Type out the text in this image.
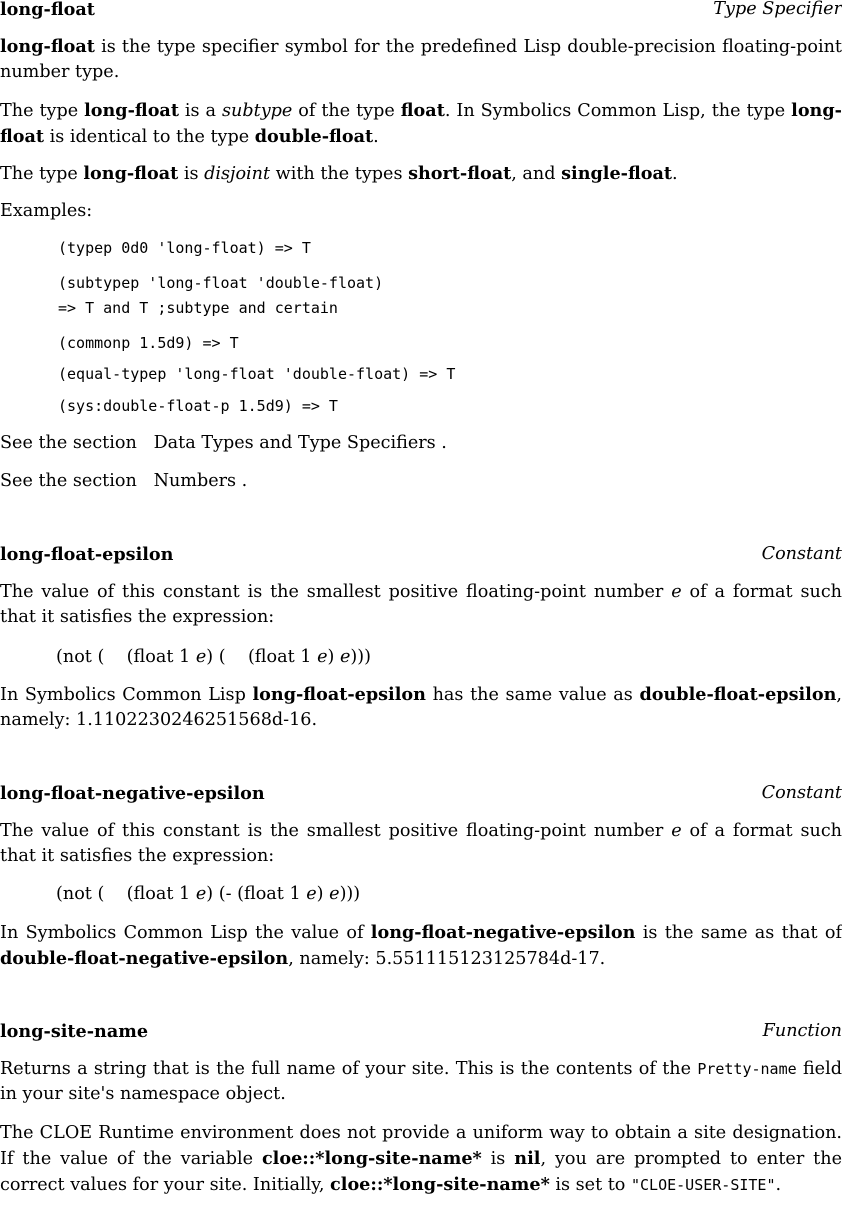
long-float	Type Specifier

long-float is the type specifier symbol for the predefined Lisp double-precision floating-point number type.

The type long-float is a subtype of the type float. In Symbolics Common Lisp, the type long-float is identical to the type double-float.

The type long-float is disjoint with the types short-float, and single-float.

Examples:

(typep 0d0 'long-float) => T
(subtypep 'long-float 'double-float)
=> T and T ;subtype and certain
(commonp 1.5d9) => T
(equal-typep 'long-float 'double-float) => T
(sys:double-float-p 1.5d9) => T

See the section   Data Types and Type Specifiers .

See the section   Numbers .

long-float-epsilon	Constant

The value of this constant is the smallest positive floating-point number e of a format such that it satisfies the expression:

(not (    (float 1 e) (    (float 1 e) e)))

In Symbolics Common Lisp long-float-epsilon has the same value as double-float-epsilon, namely: 1.1102230246251568d-16.

long-float-negative-epsilon	Constant

The value of this constant is the smallest positive floating-point number e of a format such that it satisfies the expression:

(not (    (float 1 e) (- (float 1 e) e)))

In Symbolics Common Lisp the value of long-float-negative-epsilon is the same as that of double-float-negative-epsilon, namely: 5.551115123125784d-17.

long-site-name	Function

Returns a string that is the full name of your site. This is the contents of the Pretty-name field in your site's namespace object.

The CLOE Runtime environment does not provide a uniform way to obtain a site designation. If the value of the variable cloe::*long-site-name* is nil, you are prompted to enter the correct values for your site. Initially, cloe::*long-site-name* is set to "CLOE-USER-SITE".
